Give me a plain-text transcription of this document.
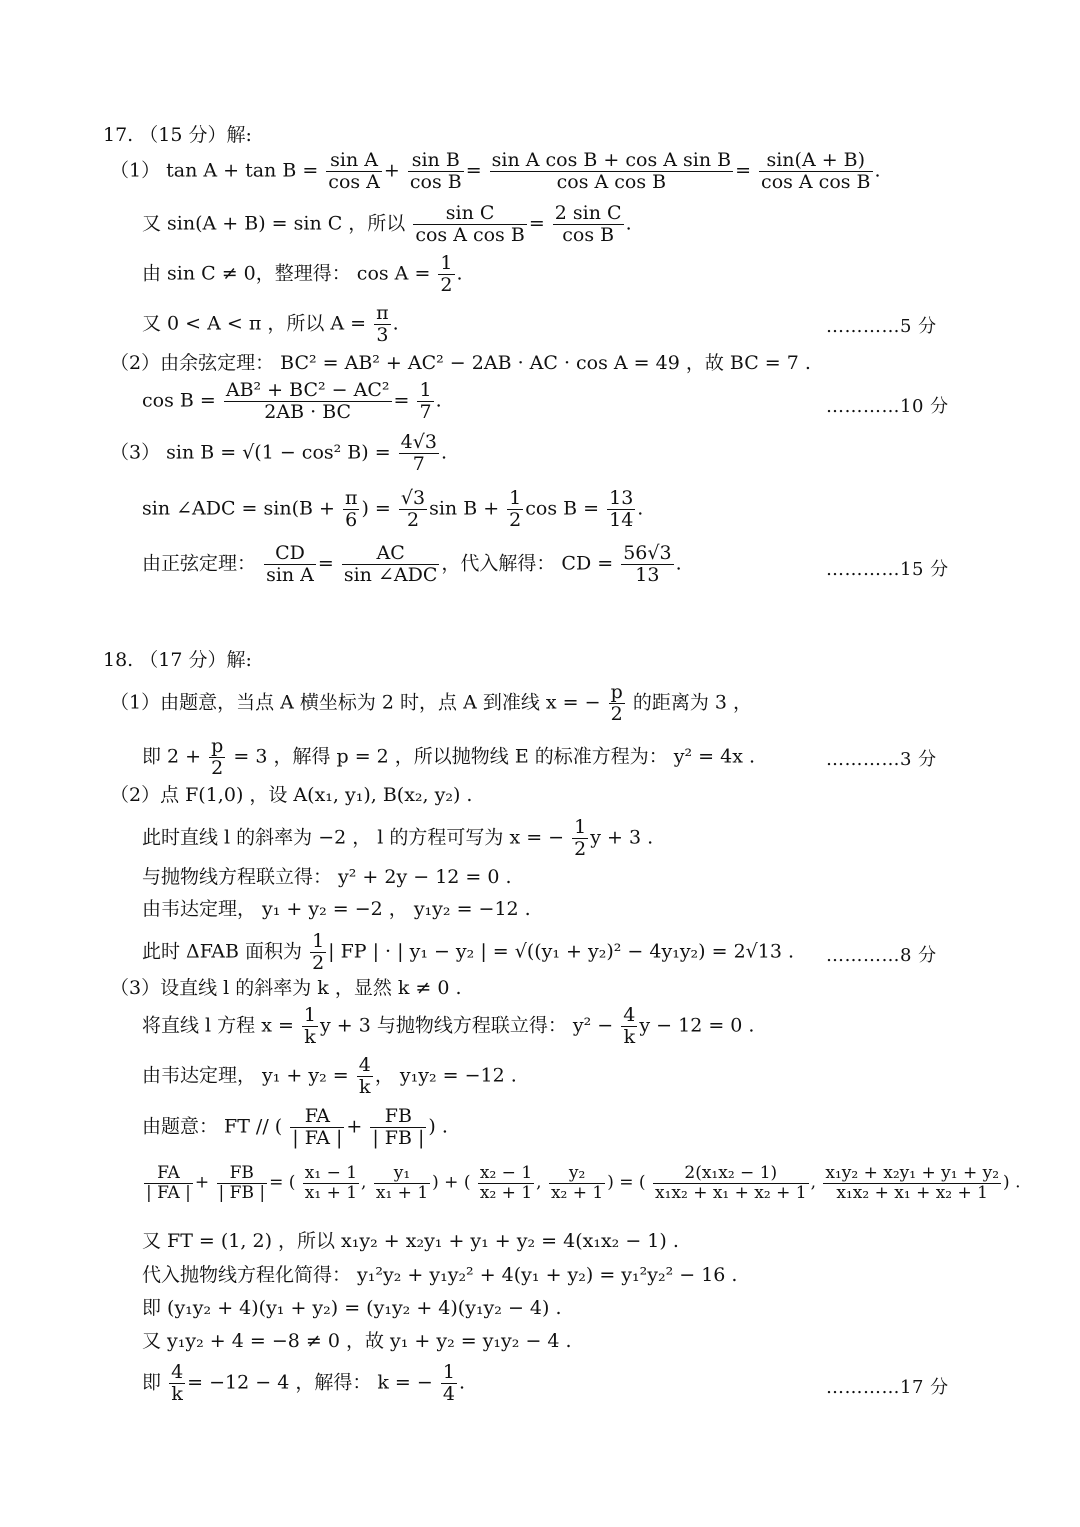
17. （15 分）解:
（1） $\tan A + \tan B = \frac{\text{sin A}}{\text{cos A}} + \frac{\text{sin B}}{\text{cos B}} = \frac{\text{sin A cos B + cos A sin B}}{\text{cos A cos B}} = \frac{\sin(A + B)}{\text{cos A cos B}}$ .
又 sin(A + B) = sin C ，所以 $\frac{\text{sin C}}{\text{cos A cos B}} = \frac{\text{2 sin C}}{\text{cos B}}$ .
由 sin C ≠ 0，整理得： $\cos A = \frac{1}{2}$ .
又 0 < A < π ，所以 $A = \frac{\pi}{3}$ .	…………5 分
（2）由余弦定理： BC² = AB² + AC² − 2AB · AC · cos A = 49 ，故 BC = 7 .
$\cos B = \frac{\text{AB² + BC² − AC²}}{2AB \cdot BC} = \frac{1}{7}$ .	…………10 分
（3） sin B = √(1 − cos² $B) = \frac{4√3}{7}$ .
sin ∠ADC = $\sin(B + \frac{\pi}{6}$ ) = $\frac{√3}{2}$ $\sin B + \frac{1}{2}$ $\cos B = \frac{13}{14}$ .
由正弦定理： $\frac{CD}{\text{sin A}} = \frac{AC}{\text{sin ∠ADC}}$ ，代入解得： CD = $\frac{56√3}{13}$ .	…………15 分
18. （17 分）解:
（1）由题意，当点 A 横坐标为 2 时，点 A 到准线 x = − $\frac{p}{2}$ 的距离为 3 ，
即 $2 + \frac{p}{2} = 3$ ，解得 p = 2 ，所以抛物线 E 的标准方程为： y² = 4x .	…………3 分
（2）点 F(1,0) ，设 A(x₁, y₁), B(x₂, y₂) .
此时直线 l 的斜率为 −2 ， l 的方程可写为 x = − $\frac{1}{2}$ y + 3 .
与抛物线方程联立得： y² + 2y − 12 = 0 .
由韦达定理， y₁ + y₂ = −2 ， y₁y₂ = −12 .
此时 ΔFAB 面积为 $\frac{1}{2}$ | FP | · | y₁ − y₂ | = √((y₁ + y₂)² − 4y₁y₂) = 2√13 . …………8 分
（3）设直线 l 的斜率为 k ，显然 k ≠ 0 .
将直线 l 方程 $x = \frac{1}{k}$ y + 3 与抛物线方程联立得： $y^2 - \frac{4}{k}$ y − 12 = 0 .
由韦达定理， $y_1 + y_2 = \frac{4}{k}$ ， y₁y₂ = −12 .
由题意： FT // ( $\frac{FA}{| FA |} + \frac{FB}{| FB |}$ ) .
$\frac{FA}{| FA |} + \frac{FB}{| FB |}$ = ( $\frac{\text{x₁ − 1}}{\text{x₁ + 1}}$ , $\frac{\text{y₁}}{\text{x₁ + 1}}$ ) + ( $\frac{\text{x₂ − 1}}{\text{x₂ + 1}}$ , $\frac{\text{y₂}}{\text{x₂ + 1}}$ ) = ( $\frac{\text{2(x₁x₂ − 1)}}{\text{x₁x₂ + x₁ + x₂ + 1}}$ , $\frac{\text{x₁y₂ + x₂y₁ + y₁ + y₂}}{\text{x₁x₂ + x₁ + x₂ + 1}}$ ) .
又 FT = (1, 2) ，所以 x₁y₂ + x₂y₁ + y₁ + y₂ = 4(x₁x₂ − 1) .
代入抛物线方程化简得： y₁²y₂ + y₁y₂² + 4(y₁ + y₂) = y₁²y₂² − 16 .
即 (y₁y₂ + 4)(y₁ + y₂) = (y₁y₂ + 4)(y₁y₂ − 4) .
又 y₁y₂ + 4 = −8 ≠ 0 ，故 y₁ + y₂ = y₁y₂ − 4 .
即 $\frac{4}{k} = -12 - 4$ ，解得： k = − $\frac{1}{4}$ .	…………17 分
